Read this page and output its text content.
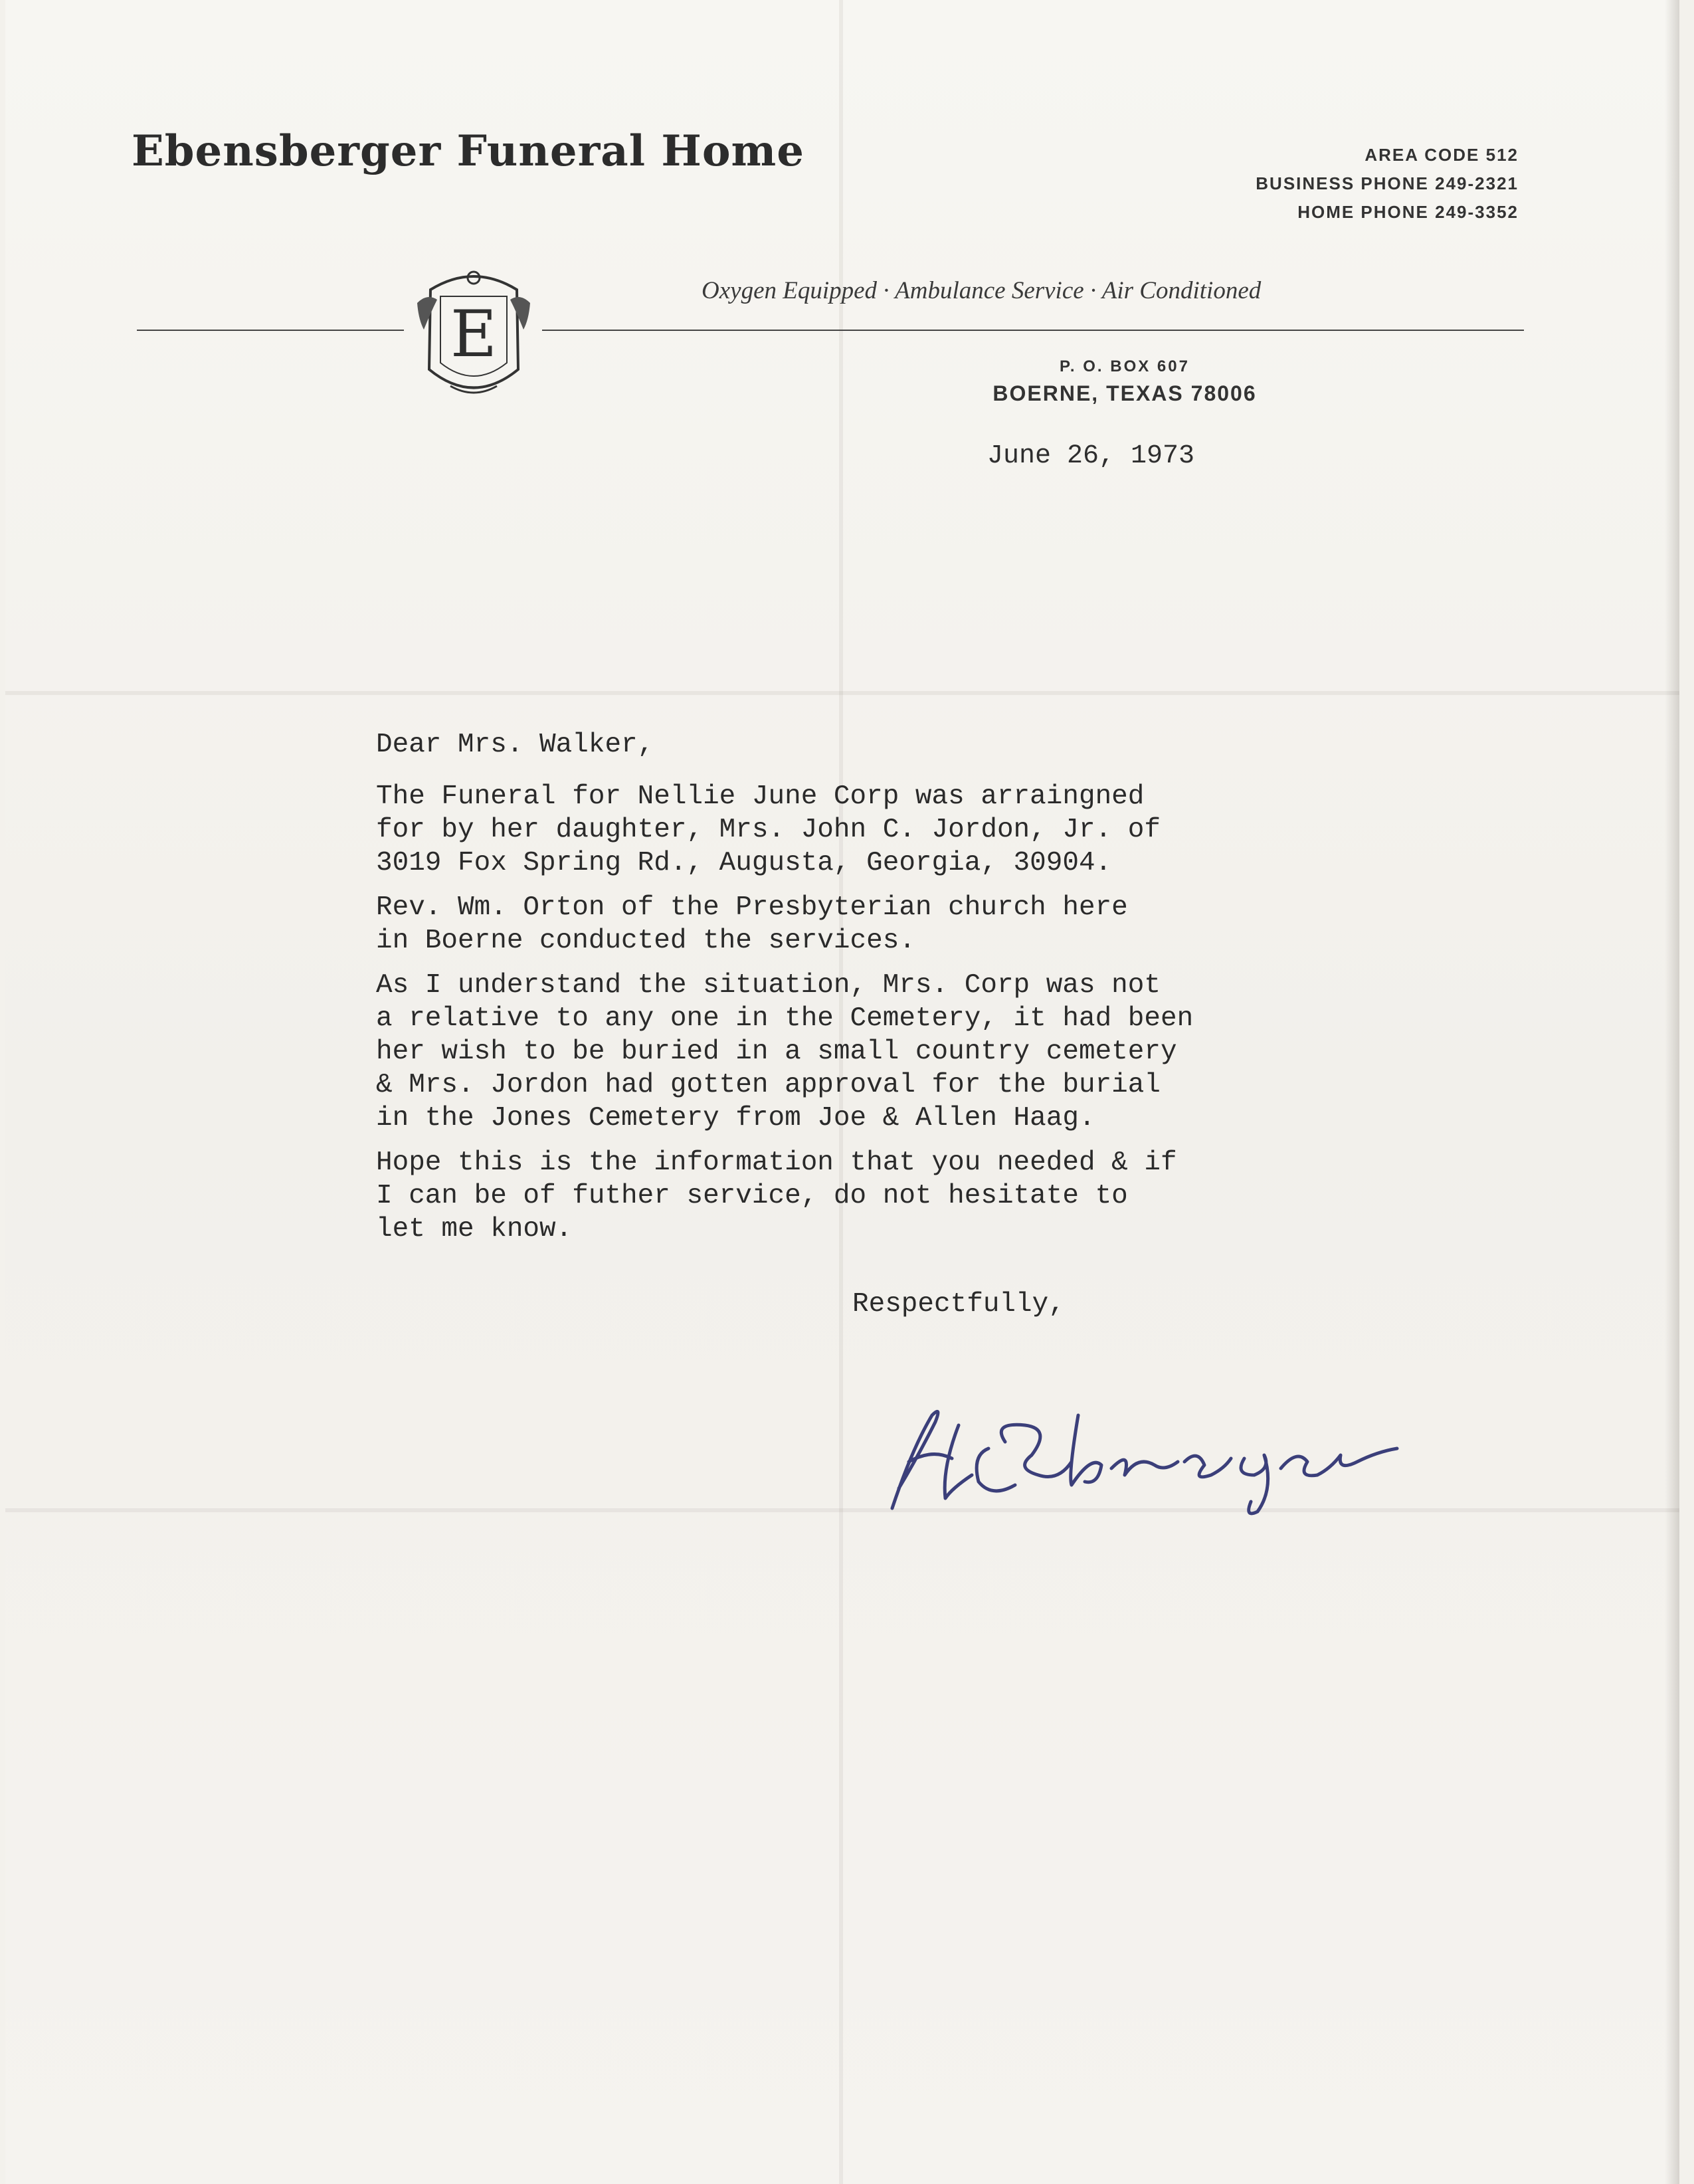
Ebensberger Funeral Home	AREA CODE 512
BUSINESS PHONE 249-2321
HOME PHONE 249-3352
Oxygen Equipped · Ambulance Service · Air Conditioned
E	P. O. BOX 607
BOERNE, TEXAS 78006
June 26, 1973

Dear Mrs. Walker,

The Funeral for Nellie June Corp was arraingned
for by her daughter, Mrs. John C. Jordon, Jr. of
3019 Fox Spring Rd., Augusta, Georgia, 30904.

Rev. Wm. Orton of the Presbyterian church here
in Boerne conducted the services.

As I understand the situation, Mrs. Corp was not
a relative to any one in the Cemetery, it had been
her wish to be buried in a small country cemetery
& Mrs. Jordon had gotten approval for the burial
in the Jones Cemetery from Joe & Allen Haag.

Hope this is the information that you needed & if
I can be of futher service, do not hesitate to
let me know.

Respectfully,
